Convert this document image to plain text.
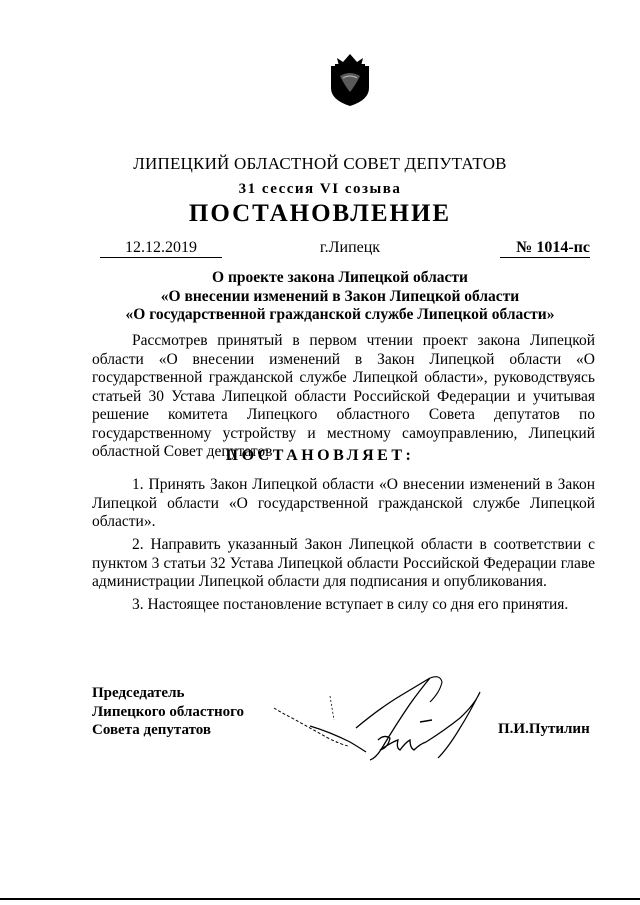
ЛИПЕЦКИЙ ОБЛАСТНОЙ СОВЕТ ДЕПУТАТОВ
31 сессия VI созыва
ПОСТАНОВЛЕНИЕ
12.12.2019	г.Липецк	№ 1014-пс
О проекте закона Липецкой области
«О внесении изменений в Закон Липецкой области
«О государственной гражданской службе Липецкой области»
Рассмотрев принятый в первом чтении проект закона Липецкой области «О внесении изменений в Закон Липецкой области «О государственной гражданской службе Липецкой области», руководствуясь статьей 30 Устава Липецкой области Российской Федерации и учитывая решение комитета Липецкого областного Совета депутатов по государственному устройству и местному самоуправлению, Липецкий областной Совет депутатов
ПОСТАНОВЛЯЕТ:
1. Принять Закон Липецкой области «О внесении изменений в Закон Липецкой области «О государственной гражданской службе Липецкой области».
2. Направить указанный Закон Липецкой области в соответствии с пунктом 3 статьи 32 Устава Липецкой области Российской Федерации главе администрации Липецкой области для подписания и опубликования.
3. Настоящее постановление вступает в силу со дня его принятия.
Председатель
Липецкого областного
Совета депутатов	П.И.Путилин
